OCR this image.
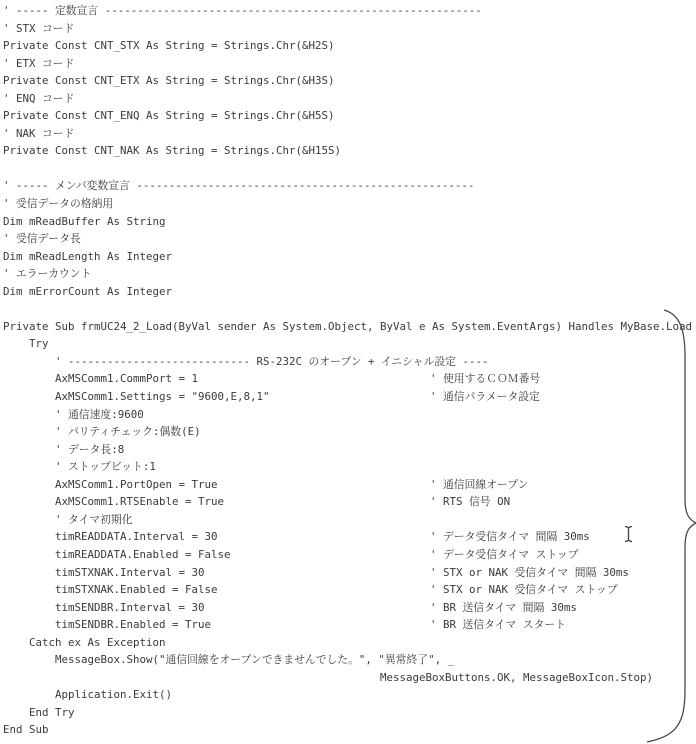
' ----- 定数宣言 ----------------------------------------------------------
' STX コード
Private Const CNT_STX As String = Strings.Chr(&H2S)
' ETX コード
Private Const CNT_ETX As String = Strings.Chr(&H3S)
' ENQ コード
Private Const CNT_ENQ As String = Strings.Chr(&H5S)
' NAK コード
Private Const CNT_NAK As String = Strings.Chr(&H15S)
' ----- メンバ変数宣言 ----------------------------------------------------
' 受信データの格納用
Dim mReadBuffer As String
' 受信データ長
Dim mReadLength As Integer
' エラーカウント
Dim mErrorCount As Integer
Private Sub frmUC24_2_Load(ByVal sender As System.Object, ByVal e As System.EventArgs) Handles MyBase.Load
Try
' ---------------------------- RS-232C のオープン + イニシャル設定 ----
AxMSComm1.CommPort = 1	' 使用するＣＯＭ番号
AxMSComm1.Settings = "9600,E,8,1"	' 通信パラメータ設定
' 通信速度:9600
' パリティチェック:偶数(E)
' データ長:8
' ストップビット:1
AxMSComm1.PortOpen = True	' 通信回線オープン
AxMSComm1.RTSEnable = True	' RTS 信号 ON
' タイマ初期化
timREADDATA.Interval = 30	' データ受信タイマ 間隔 30ms
timREADDATA.Enabled = False	' データ受信タイマ ストップ
timSTXNAK.Interval = 30	' STX or NAK 受信タイマ 間隔 30ms
timSTXNAK.Enabled = False	' STX or NAK 受信タイマ ストップ
timSENDBR.Interval = 30	' BR 送信タイマ 間隔 30ms
timSENDBR.Enabled = True	' BR 送信タイマ スタート
Catch ex As Exception
MessageBox.Show("通信回線をオープンできませんでした。", "異常終了", _
MessageBoxButtons.OK, MessageBoxIcon.Stop)
Application.Exit()
End Try
End Sub
